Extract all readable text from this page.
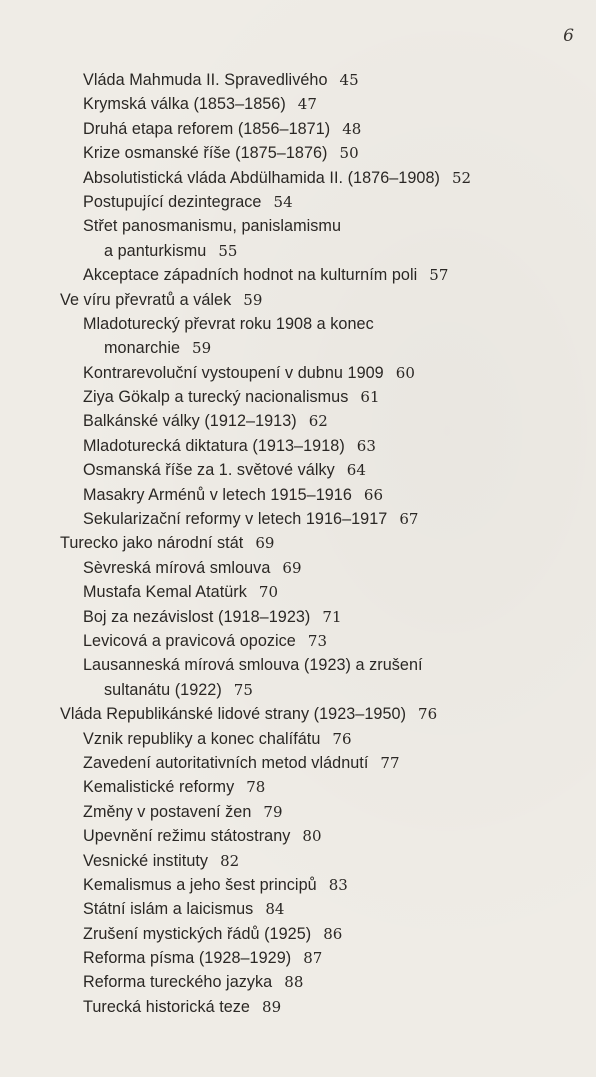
6
Vláda Mahmuda II. Spravedlivého 45
Krymská válka (1853–1856) 47
Druhá etapa reforem (1856–1871) 48
Krize osmanské říše (1875–1876) 50
Absolutistická vláda Abdülhamida II. (1876–1908) 52
Postupující dezintegrace 54
Střet panosmanismu, panislamismu
a panturkismu 55
Akceptace západních hodnot na kulturním poli 57
Ve víru převratů a válek 59
Mladoturecký převrat roku 1908 a konec
monarchie 59
Kontrarevoluční vystoupení v dubnu 1909 60
Ziya Gökalp a turecký nacionalismus 61
Balkánské války (1912–1913) 62
Mladoturecká diktatura (1913–1918) 63
Osmanská říše za 1. světové války 64
Masakry Arménů v letech 1915–1916 66
Sekularizační reformy v letech 1916–1917 67
Turecko jako národní stát 69
Sèvreská mírová smlouva 69
Mustafa Kemal Atatürk 70
Boj za nezávislost (1918–1923) 71
Levicová a pravicová opozice 73
Lausanneská mírová smlouva (1923) a zrušení
sultanátu (1922) 75
Vláda Republikánské lidové strany (1923–1950) 76
Vznik republiky a konec chalífátu 76
Zavedení autoritativních metod vládnutí 77
Kemalistické reformy 78
Změny v postavení žen 79
Upevnění režimu státostrany 80
Vesnické instituty 82
Kemalismus a jeho šest principů 83
Státní islám a laicismus 84
Zrušení mystických řádů (1925) 86
Reforma písma (1928–1929) 87
Reforma tureckého jazyka 88
Turecká historická teze 89
